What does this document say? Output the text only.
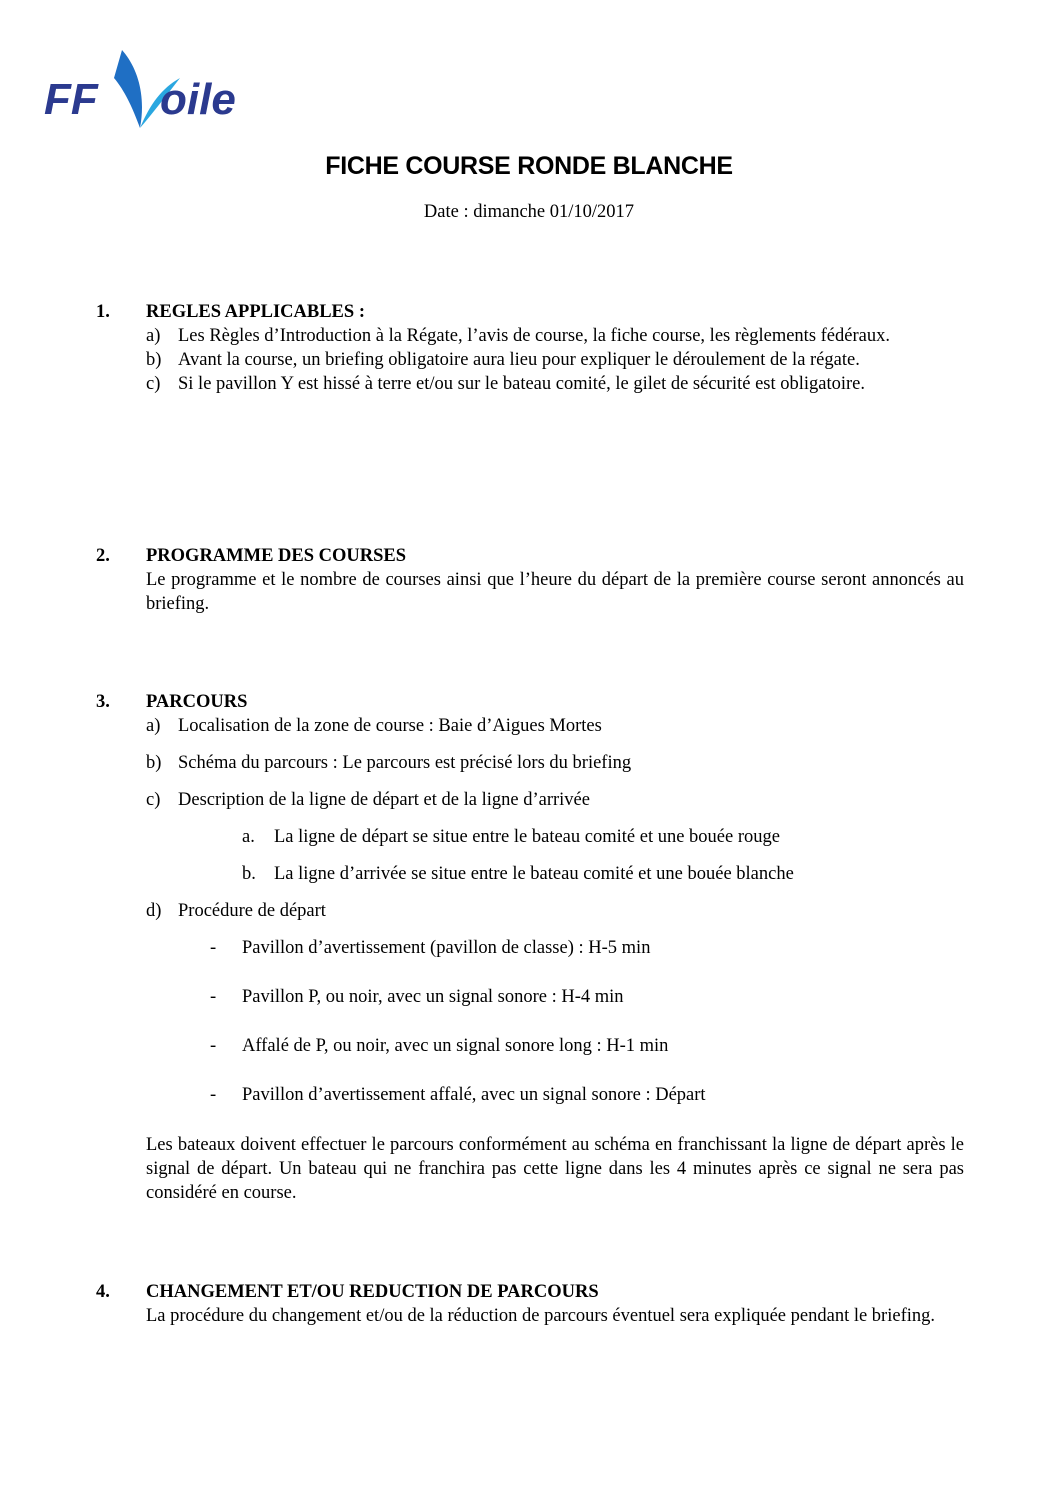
FF oile
FICHE COURSE RONDE BLANCHE
Date : dimanche 01/10/2017
1.	REGLES APPLICABLES :
a) Les Règles d’Introduction à la Régate, l’avis de course, la fiche course, les règlements fédéraux.
b) Avant la course, un briefing obligatoire aura lieu pour expliquer le déroulement de la régate.
c) Si le pavillon Y est hissé à terre et/ou sur le bateau comité, le gilet de sécurité est obligatoire.
2.	PROGRAMME DES COURSES
Le programme et le nombre de courses ainsi que l’heure du départ de la première course seront annoncés au briefing.
3.	PARCOURS
a) Localisation de la zone de course : Baie d’Aigues Mortes
b) Schéma du parcours : Le parcours est précisé lors du briefing
c) Description de la ligne de départ et de la ligne d’arrivée
a.	La ligne de départ se situe entre le bateau comité et une bouée rouge
b. La ligne d’arrivée se situe entre le bateau comité et une bouée blanche
d) Procédure de départ
-	Pavillon d’avertissement (pavillon de classe) : H-5 min
-	Pavillon P, ou noir, avec un signal sonore : H-4 min
-	Affalé de P, ou noir, avec un signal sonore long : H-1 min
-	Pavillon d’avertissement affalé, avec un signal sonore : Départ
Les bateaux doivent effectuer le parcours conformément au schéma en franchissant la ligne de départ après le signal de départ. Un bateau qui ne franchira pas cette ligne dans les 4 minutes après ce signal ne sera pas considéré en course.
4.	CHANGEMENT ET/OU REDUCTION DE PARCOURS
La procédure du changement et/ou de la réduction de parcours éventuel sera expliquée pendant le briefing.
